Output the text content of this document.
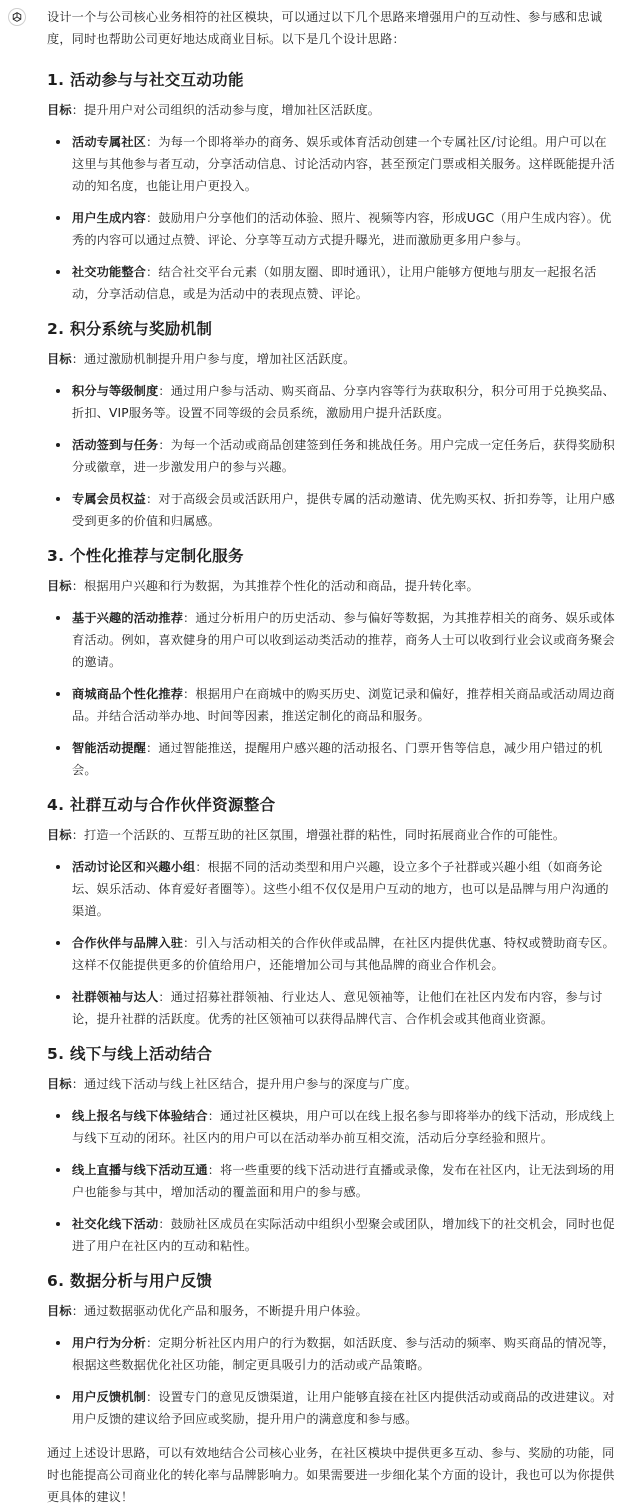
设计一个与公司核心业务相符的社区模块，可以通过以下几个思路来增强用户的互动性、参与感和忠诚度，同时也帮助公司更好地达成商业目标。以下是几个设计思路：

1. 活动参与与社交互动功能

目标：提升用户对公司组织的活动参与度，增加社区活跃度。

活动专属社区：为每一个即将举办的商务、娱乐或体育活动创建一个专属社区/讨论组。用户可以在这里与其他参与者互动，分享活动信息、讨论活动内容，甚至预定门票或相关服务。这样既能提升活动的知名度，也能让用户更投入。
用户生成内容：鼓励用户分享他们的活动体验、照片、视频等内容，形成UGC（用户生成内容）。优秀的内容可以通过点赞、评论、分享等互动方式提升曝光，进而激励更多用户参与。
社交功能整合：结合社交平台元素（如朋友圈、即时通讯），让用户能够方便地与朋友一起报名活动，分享活动信息，或是为活动中的表现点赞、评论。
2. 积分系统与奖励机制

目标：通过激励机制提升用户参与度，增加社区活跃度。

积分与等级制度：通过用户参与活动、购买商品、分享内容等行为获取积分，积分可用于兑换奖品、折扣、VIP服务等。设置不同等级的会员系统，激励用户提升活跃度。
活动签到与任务：为每一个活动或商品创建签到任务和挑战任务。用户完成一定任务后，获得奖励积分或徽章，进一步激发用户的参与兴趣。
专属会员权益：对于高级会员或活跃用户，提供专属的活动邀请、优先购买权、折扣券等，让用户感受到更多的价值和归属感。
3. 个性化推荐与定制化服务

目标：根据用户兴趣和行为数据，为其推荐个性化的活动和商品，提升转化率。

基于兴趣的活动推荐：通过分析用户的历史活动、参与偏好等数据，为其推荐相关的商务、娱乐或体育活动。例如，喜欢健身的用户可以收到运动类活动的推荐，商务人士可以收到行业会议或商务聚会的邀请。
商城商品个性化推荐：根据用户在商城中的购买历史、浏览记录和偏好，推荐相关商品或活动周边商品。并结合活动举办地、时间等因素，推送定制化的商品和服务。
智能活动提醒：通过智能推送，提醒用户感兴趣的活动报名、门票开售等信息，减少用户错过的机会。
4. 社群互动与合作伙伴资源整合

目标：打造一个活跃的、互帮互助的社区氛围，增强社群的粘性，同时拓展商业合作的可能性。

活动讨论区和兴趣小组：根据不同的活动类型和用户兴趣，设立多个子社群或兴趣小组（如商务论坛、娱乐活动、体育爱好者圈等）。这些小组不仅仅是用户互动的地方，也可以是品牌与用户沟通的渠道。
合作伙伴与品牌入驻：引入与活动相关的合作伙伴或品牌，在社区内提供优惠、特权或赞助商专区。这样不仅能提供更多的价值给用户，还能增加公司与其他品牌的商业合作机会。
社群领袖与达人：通过招募社群领袖、行业达人、意见领袖等，让他们在社区内发布内容，参与讨论，提升社群的活跃度。优秀的社区领袖可以获得品牌代言、合作机会或其他商业资源。
5. 线下与线上活动结合

目标：通过线下活动与线上社区结合，提升用户参与的深度与广度。

线上报名与线下体验结合：通过社区模块，用户可以在线上报名参与即将举办的线下活动，形成线上与线下互动的闭环。社区内的用户可以在活动举办前互相交流，活动后分享经验和照片。
线上直播与线下活动互通：将一些重要的线下活动进行直播或录像，发布在社区内，让无法到场的用户也能参与其中，增加活动的覆盖面和用户的参与感。
社交化线下活动：鼓励社区成员在实际活动中组织小型聚会或团队，增加线下的社交机会，同时也促进了用户在社区内的互动和粘性。
6. 数据分析与用户反馈

目标：通过数据驱动优化产品和服务，不断提升用户体验。

用户行为分析：定期分析社区内用户的行为数据，如活跃度、参与活动的频率、购买商品的情况等，根据这些数据优化社区功能，制定更具吸引力的活动或产品策略。
用户反馈机制：设置专门的意见反馈渠道，让用户能够直接在社区内提供活动或商品的改进建议。对用户反馈的建议给予回应或奖励，提升用户的满意度和参与感。

通过上述设计思路，可以有效地结合公司核心业务，在社区模块中提供更多互动、参与、奖励的功能，同时也能提高公司商业化的转化率与品牌影响力。如果需要进一步细化某个方面的设计，我也可以为你提供更具体的建议！
